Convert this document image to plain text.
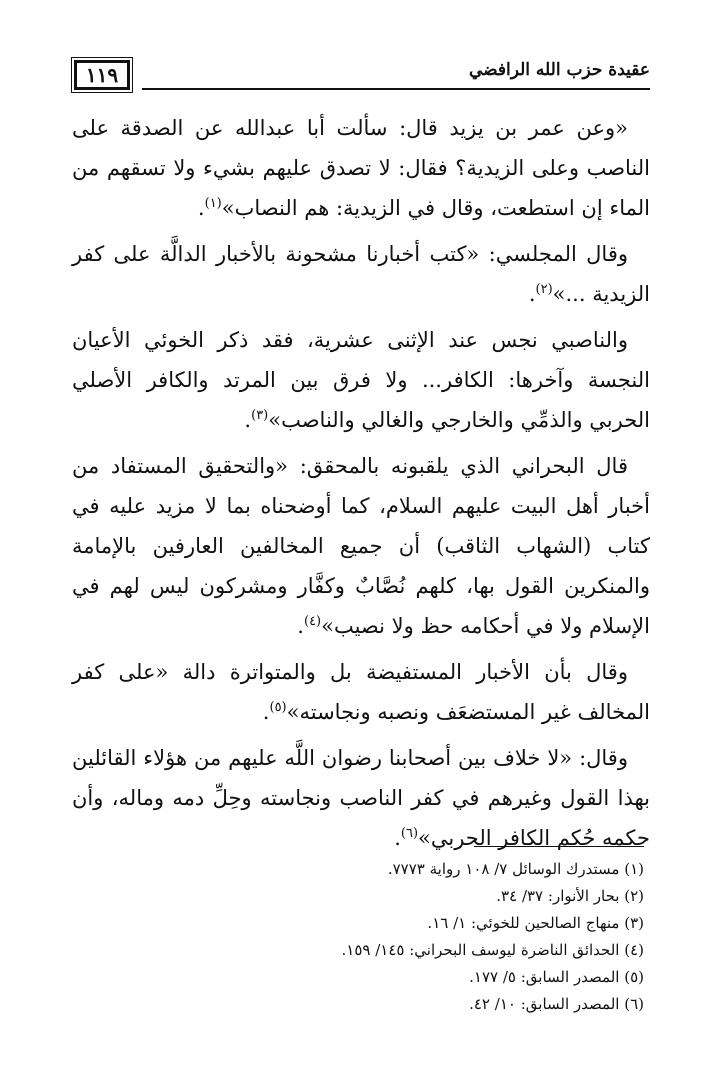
١١٩	عقيدة حزب الله الرافضي

«وعن عمر بن يزيد قال: سألت أبا عبدالله عن الصدقة على الناصب وعلى الزيدية؟ فقال: لا تصدق عليهم بشيء ولا تسقهم من الماء إن استطعت، وقال في الزيدية: هم النصاب»$^{(١)}$.

وقال المجلسي: «كتب أخبارنا مشحونة بالأخبار الدالَّة على كفر الزيدية ...»$^{(٢)}$.

والناصبي نجس عند الإثنى عشرية، فقد ذكر الخوئي الأعيان النجسة وآخرها: الكافر... ولا فرق بين المرتد والكافر الأصلي الحربي والذمِّي والخارجي والغالي والناصب»$^{(٣)}$.

قال البحراني الذي يلقبونه بالمحقق: «والتحقيق المستفاد من أخبار أهل البيت عليهم السلام، كما أوضحناه بما لا مزيد عليه في كتاب (الشهاب الثاقب) أن جميع المخالفين العارفين بالإمامة والمنكرين القول بها، كلهم نُصَّابٌ وكفَّار ومشركون ليس لهم في الإسلام ولا في أحكامه حظ ولا نصيب»$^{(٤)}$.

وقال بأن الأخبار المستفيضة بل والمتواترة دالة «على كفر المخالف غير المستضعَف ونصبه ونجاسته»$^{(٥)}$.

وقال: «لا خلاف بين أصحابنا رضوان اللَّه عليهم من هؤلاء القائلين بهذا القول وغيرهم في كفر الناصب ونجاسته وحِلِّ دمه وماله، وأن حكمه حُكم الكافر الحربي»$^{(٦)}$.

(١) مستدرك الوسائل ٧/ ١٠٨ رواية ٧٧٧٣.

(٢) بحار الأنوار: ٣٧/ ٣٤.

(٣) منهاج الصالحين للخوئي: ١/ ١٦.

(٤) الحدائق الناضرة ليوسف البحراني: ١٤٥/ ١٥٩.

(٥) المصدر السابق: ٥/ ١٧٧.

(٦) المصدر السابق: ١٠/ ٤٢.
